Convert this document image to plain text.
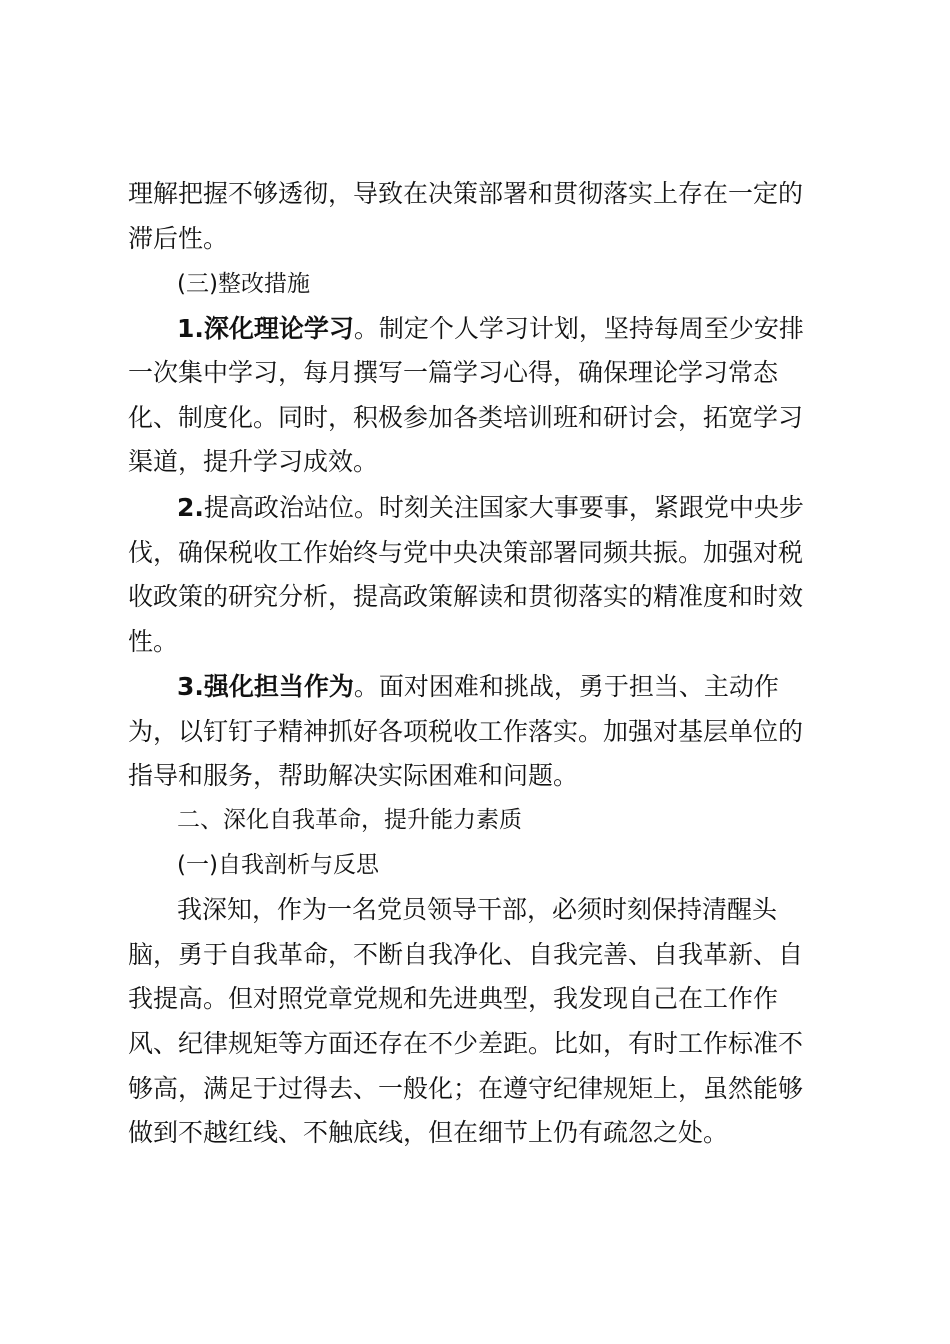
理解把握不够透彻，导致在决策部署和贯彻落实上存在一定的
滞后性。
(三)整改措施
1.深化理论学习。制定个人学习计划，坚持每周至少安排
一次集中学习，每月撰写一篇学习心得，确保理论学习常态
化、制度化。同时，积极参加各类培训班和研讨会，拓宽学习
渠道，提升学习成效。
2.提高政治站位。时刻关注国家大事要事，紧跟党中央步
伐，确保税收工作始终与党中央决策部署同频共振。加强对税
收政策的研究分析，提高政策解读和贯彻落实的精准度和时效
性。
3.强化担当作为。面对困难和挑战，勇于担当、主动作
为，以钉钉子精神抓好各项税收工作落实。加强对基层单位的
指导和服务，帮助解决实际困难和问题。
二、深化自我革命，提升能力素质
(一)自我剖析与反思
我深知，作为一名党员领导干部，必须时刻保持清醒头
脑，勇于自我革命，不断自我净化、自我完善、自我革新、自
我提高。但对照党章党规和先进典型，我发现自己在工作作
风、纪律规矩等方面还存在不少差距。比如，有时工作标准不
够高，满足于过得去、一般化；在遵守纪律规矩上，虽然能够
做到不越红线、不触底线，但在细节上仍有疏忽之处。
